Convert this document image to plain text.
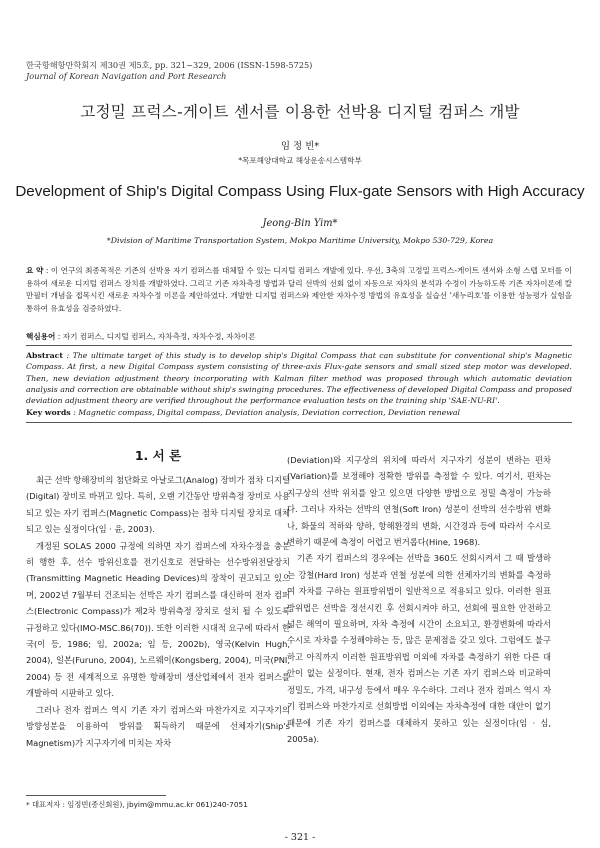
한국항해항만학회지 제30권 제5호, pp. 321~329, 2006 (ISSN-1598-5725)
Journal of Korean Navigation and Port Research
고정밀 프럭스-게이트 센서를 이용한 선박용 디지털 컴퍼스 개발
임 정 빈*
*목포해양대학교 해상운송시스템학부
Development of Ship's Digital Compass Using Flux-gate Sensors with High Accuracy
Jeong-Bin Yim*
*Division of Maritime Transportation System, Mokpo Maritime University, Mokpo 530-729, Korea
요 약 : 이 연구의 최종목적은 기존의 선박용 자기 컴퍼스를 대체할 수 있는 디지털 컴퍼스 개발에 있다. 우선, 3축의 고정밀 프럭스-게이트 센서와 소형 스텝 모터를 이용하여 새로운 디지털 컴퍼스 장치를 개발하였다. 그리고 기존 자차측정 방법과 달리 선박의 선회 없이 자동으로 자차의 분석과 수정이 가능하도록 기존 자차이론에 칼만필터 개념을 접목시킨 새로운 자차수정 이론을 제안하였다. 개발한 디지털 컴퍼스와 제안한 자차수정 방법의 유효성을 실습선 '새누리호'를 이용한 성능평가 실험을 통하여 유효성을 검증하였다.
핵심용어 : 자기 컴퍼스, 디지털 컴퍼스, 자차측정, 자차수정, 자차이론
Abstract : The ultimate target of this study is to develop ship's Digital Compass that can substitute for conventional ship's Magnetic Compass. At first, a new Digital Compass system consisting of three-axis Flux-gate sensors and small sized step motor was developed. Then, new deviation adjustment theory incorporating with Kalman filter method was proposed through which automatic deviation analysis and correction are obtainable without ship's swinging procedures. The effectiveness of developed Digital Compass and proposed deviation adjustment theory are verified throughout the performance evaluation tests on the training ship 'SAE-NU-RI'.
Key words : Magnetic compass, Digital compass, Deviation analysis, Deviation correction, Deviation renewal
1. 서 론

최근 선박 항해장비의 첨단화로 아날로그(Analog) 장비가 점차 디지털(Digital) 장비로 바뀌고 있다. 특히, 오랜 기간동안 방위측정 장비로 사용되고 있는 자기 컴퍼스(Magnetic Compass)는 점차 디지털 장치로 대체되고 있는 실정이다(임 · 윤, 2003).

개정된 SOLAS 2000 규정에 의하면 자기 컴퍼스에 자차수정을 충분히 행한 후, 선수 방위신호를 전기신호로 전달하는 선수방위전달장치(Transmitting Magnetic Heading Devices)의 장착이 권고되고 있으며, 2002년 7월부터 건조되는 선박은 자기 컴퍼스를 대신하여 전자 컴퍼스(Electronic Compass)가 제2차 방위측정 장치로 설치 될 수 있도록 규정하고 있다(IMO-MSC.86(70)). 또한 이러한 시대적 요구에 따라서 한국(이 등, 1986; 임, 2002a; 임 등, 2002b), 영국(Kelvin Hugh, 2004), 일본(Furuno, 2004), 노르웨이(Kongsberg, 2004), 미국(PNI, 2004) 등 전 세계적으로 유명한 항해장비 생산업체에서 전자 컴퍼스를 개발하여 시판하고 있다.

그러나 전자 컴퍼스 역시 기존 자기 컴퍼스와 마찬가지로 지구자기의 방향성분을 이용하여 방위를 획득하기 때문에 선체자기(Ship's Magnetism)가 지구자기에 미치는 자차

(Deviation)와 지구상의 위치에 따라서 지구자기 성분이 변하는 편차(Variation)를 보정해야 정확한 방위를 측정할 수 있다. 여기서, 편차는 지구상의 선박 위치를 알고 있으면 다양한 방법으로 정밀 측정이 가능하다. 그러나 자차는 선박의 연철(Soft Iron) 성분이 선박의 선수방위 변화나, 화물의 적하와 양하, 항해환경의 변화, 시간경과 등에 따라서 수시로 변하기 때문에 측정이 어렵고 번거롭다(Hine, 1968).

기존 자기 컴퍼스의 경우에는 선박을 360도 선회시켜서 그 때 발생하는 강철(Hard Iron) 성분과 연철 성분에 의한 선체자기의 변화를 측정하여 자차를 구하는 원표방위법이 일반적으로 적용되고 있다. 이러한 원표방위법은 선박을 정선시킨 후 선회시켜야 하고, 선회에 필요한 안전하고 넓은 해역이 필요하며, 자차 측정에 시간이 소요되고, 환경변화에 따라서 수시로 자차를 수정해야하는 등, 많은 문제점을 갖고 있다. 그럼에도 불구하고 아직까지 이러한 원표방위법 이외에 자차를 측정하기 위한 다른 대안이 없는 실정이다. 현재, 전자 컴퍼스는 기존 자기 컴퍼스와 비교하여 정밀도, 가격, 내구성 등에서 매우 우수하다. 그러나 전자 컴퍼스 역시 자기 컴퍼스와 마찬가지로 선회방법 이외에는 자차측정에 대한 대안이 없기 때문에 기존 자기 컴퍼스를 대체하지 못하고 있는 실정이다(임 · 심, 2005a).

* 대표저자 : 임정빈(종신회원), jbyim@mmu.ac.kr 061)240-7051
- 321 -
